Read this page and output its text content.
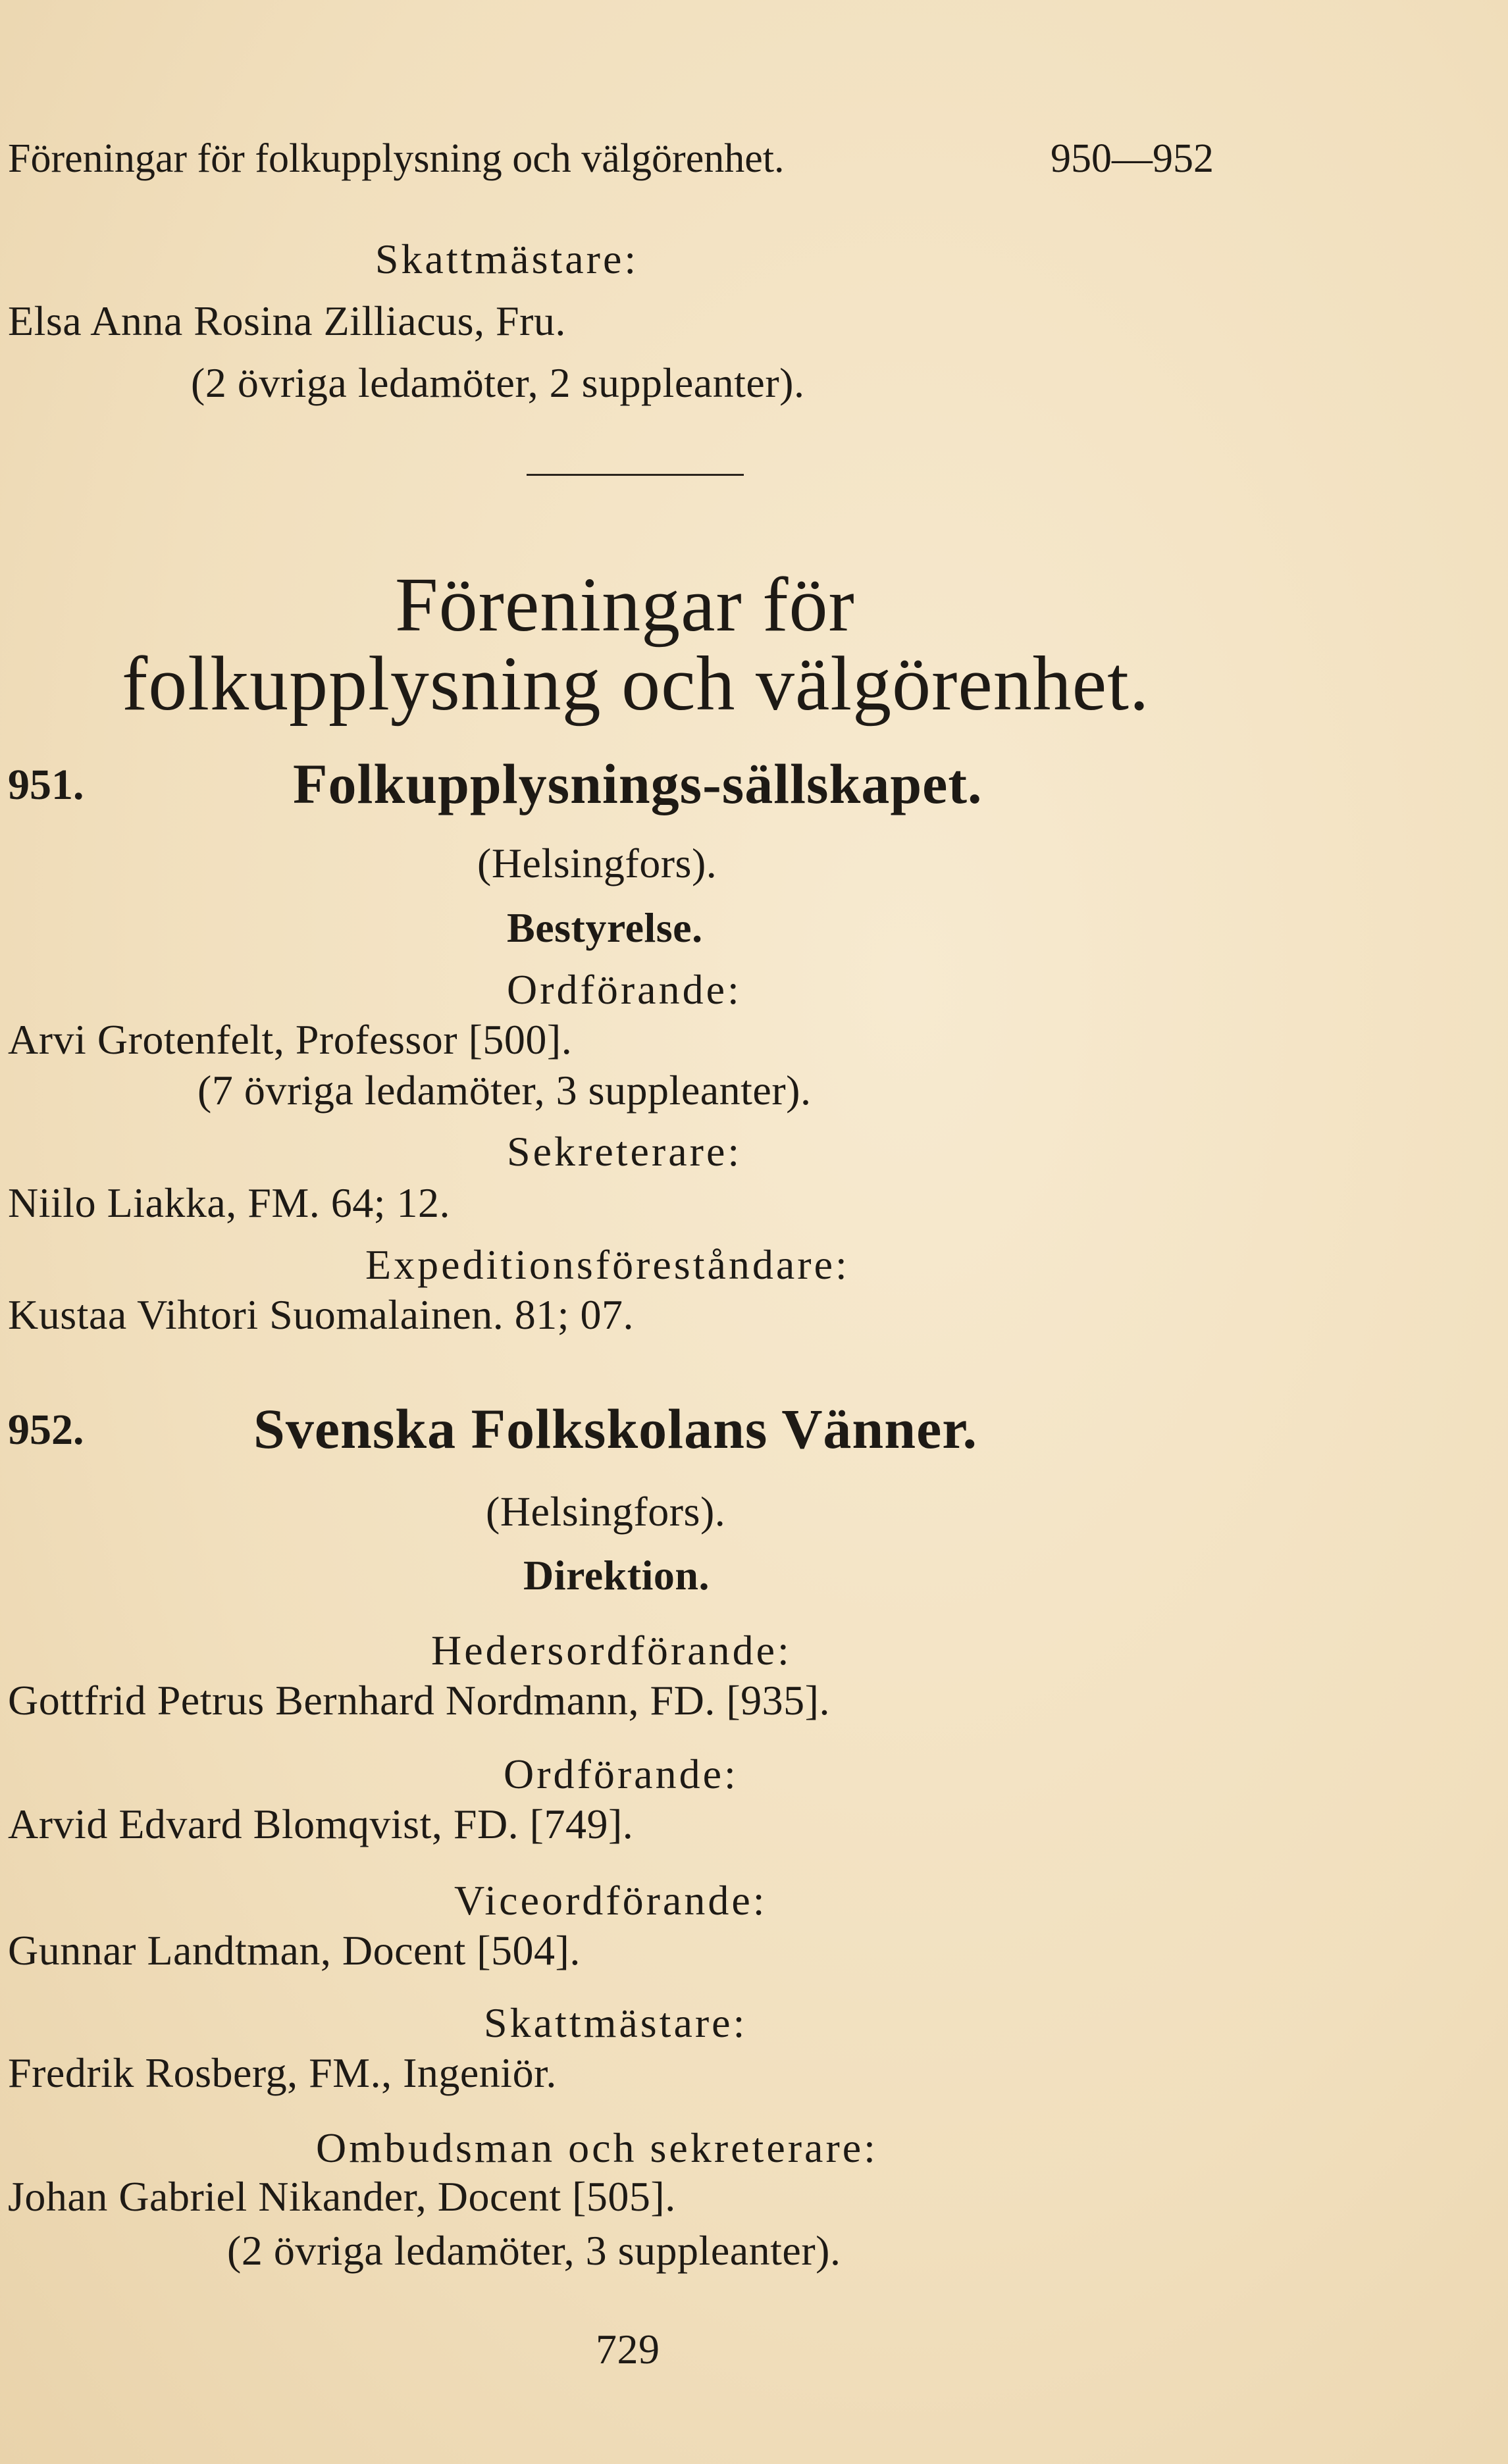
Föreningar för folkupplysning och välgörenhet.	950—952
Skattmästare:
Elsa Anna Rosina Zilliacus, Fru.
(2 övriga ledamöter, 2 suppleanter).
Föreningar för
folkupplysning och välgörenhet.
951.	Folkupplysnings-sällskapet.
(Helsingfors).
Bestyrelse.
Ordförande:
Arvi Grotenfelt, Professor [500].
(7 övriga ledamöter, 3 suppleanter).
Sekreterare:
Niilo Liakka, FM. 64; 12.
Expeditionsföreståndare:
Kustaa Vihtori Suomalainen. 81; 07.
952.	Svenska Folkskolans Vänner.
(Helsingfors).
Direktion.
Hedersordförande:
Gottfrid Petrus Bernhard Nordmann, FD. [935].
Ordförande:
Arvid Edvard Blomqvist, FD. [749].
Viceordförande:
Gunnar Landtman, Docent [504].
Skattmästare:
Fredrik Rosberg, FM., Ingeniör.
Ombudsman och sekreterare:
Johan Gabriel Nikander, Docent [505].
(2 övriga ledamöter, 3 suppleanter).
729
